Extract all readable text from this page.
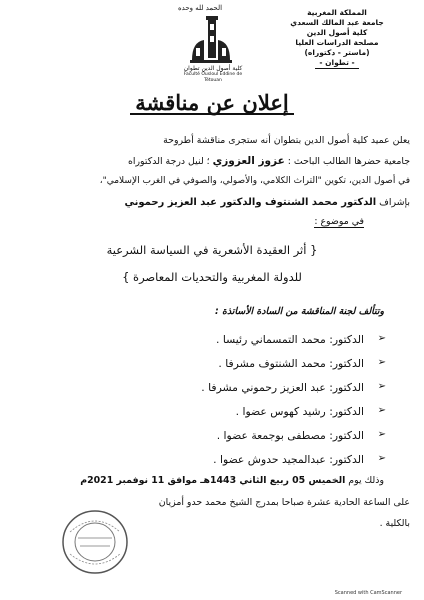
المملكة المغربية
جامعة عبد المالك السعدي
كلية أصول الدين
مصلحة الدراسات العليا
(ماستر - دكتوراه)
- تطوان -
الحمد لله وحده
كلية أصول الدين تطوان
Faculté Ousloul Eddine de Tétouan
إعلان عن مناقشة
يعلن عميد كلية أصول الدين بتطوان أنه ستجرى مناقشة أطروحة
جامعية حضرها الطالب الباحث : عزوز العزوزي ؛ لنيل درجة الدكتوراه
في أصول الدين، تكوين "التراث الكلامي، والأصولي، والصوفي في الغرب الإسلامي"،
بإشراف الدكتور محمد الشنتوف والدكتور عبد العزيز رحموني
في موضوع :
{ أثر العقيدة الأشعرية في السياسة الشرعية
للدولة المغربية والتحديات المعاصرة }
وتتألف لجنة المناقشة من السادة الأساتذة :
➢
الدكتور: محمد التمسماني رئيسا .
➢
الدكتور: محمد الشنتوف مشرفا .
➢
الدكتور: عبد العزيز رحموني مشرفا .
➢
الدكتور: رشيد كهوس عضوا .
➢
الدكتور: مصطفى بوجمعة عضوا .
➢
الدكتور: عبدالمجيد حدوش عضوا .
وذلك يوم الخميس 05 ربيع الثاني 1443هـ موافق 11 نوفمبر 2021م
على الساعة الحادية عشرة صباحا بمدرج الشيخ محمد حدو أمزيان
بالكلية .
Scanned with CamScanner
